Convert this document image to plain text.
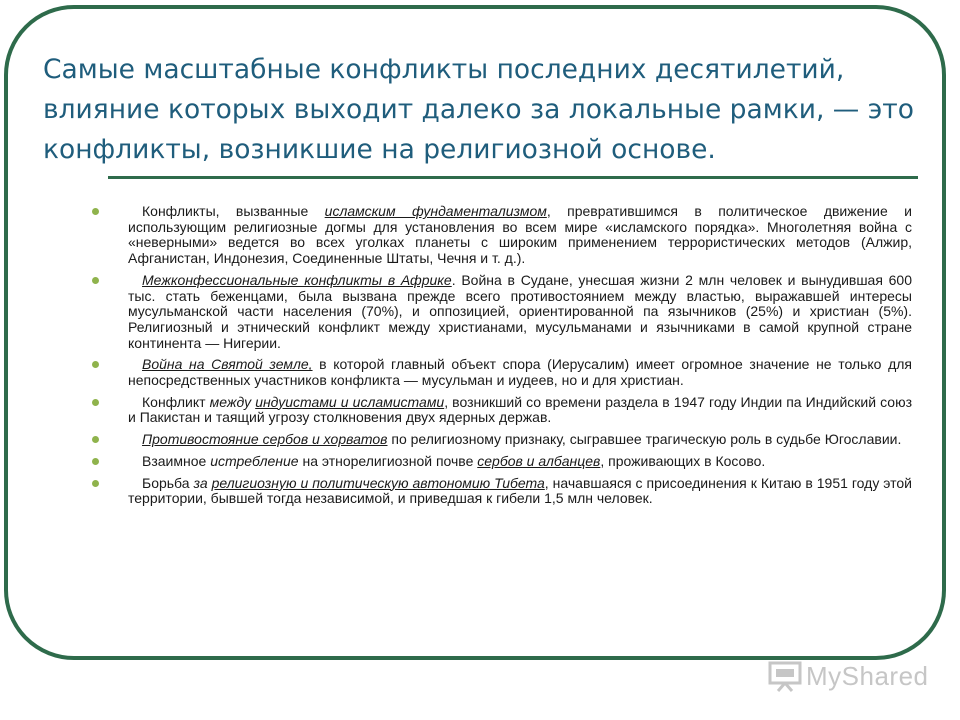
Самые масштабные конфликты последних десятилетий, влияние которых выходит далеко за локальные рамки, — это конфликты, возникшие на религиозной основе.
Конфликты, вызванные исламским фундаментализмом, превратившимся в политическое движение и использующим религиозные догмы для установления во всем мире «исламского порядка». Многолетняя война с «неверными» ведется во всех уголках планеты с широким применением террористических методов (Алжир, Афганистан, Индонезия, Соединенные Штаты, Чечня и т. д.).
Межконфессиональные конфликты в Африке. Война в Судане, унесшая жизни 2 млн человек и вынудившая 600 тыс. стать беженцами, была вызвана прежде всего противостоянием между властью, выражавшей интересы мусульманской части населения (70%), и оппозицией, ориентированной па язычников (25%) и христиан (5%). Религиозный и этнический конфликт между христианами, мусульманами и язычниками в самой крупной стране континента — Нигерии.
Война на Святой земле, в которой главный объект спора (Иерусалим) имеет огромное значение не только для непосредственных участников конфликта — мусульман и иудеев, но и для христиан.
Конфликт между индуистами и исламистами, возникший со времени раздела в 1947 году Индии па Индийский союз и Пакистан и таящий угрозу столкновения двух ядерных держав.
Противостояние сербов и хорватов по религиозному признаку, сыгравшее трагическую роль в судьбе Югославии.
Взаимное истребление на этнорелигиозной почве сербов и албанцев, проживающих в Косово.
Борьба за религиозную и политическую автономию Тибета, начавшаяся с присоединения к Китаю в 1951 году этой территории, бывшей тогда независимой, и приведшая к гибели 1,5 млн человек.
MyShared
